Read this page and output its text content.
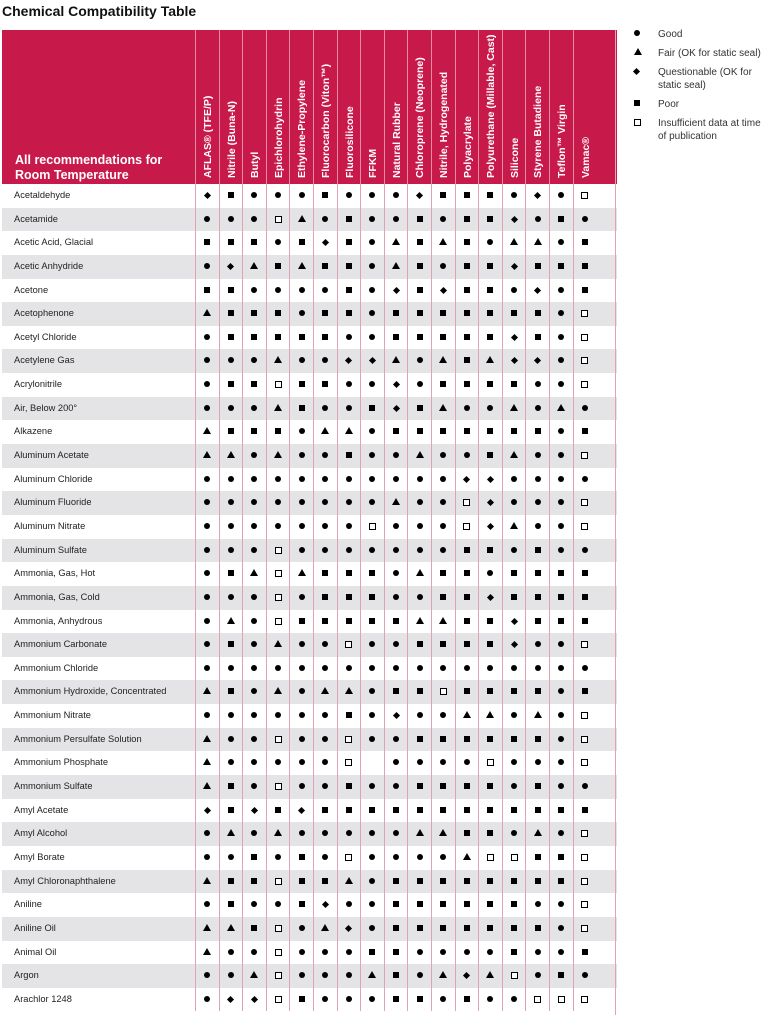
Chemical Compatibility Table
All recommendations for Room Temperature	AFLAS® (TFE/P) Nitrile (Buna-N) Butyl Epichlorohydrin Ethylene-Propylene Fluorocarbon (Viton™) Fluorosilicone FFKM Natural Rubber Chloroprene (Neoprene) Nitrile, Hydrogenated Polyacrylate Polyurethane (Millable, Cast) Silicone Styrene Butadiene Teflon™ Virgin Vamac®
Acetaldehyde
Acetamide
Acetic Acid, Glacial
Acetic Anhydride
Acetone
Acetophenone
Acetyl Chloride
Acetylene Gas
Acrylonitrile
Air, Below 200°
Alkazene
Aluminum Acetate
Aluminum Chloride
Aluminum Fluoride
Aluminum Nitrate
Aluminum Sulfate
Ammonia, Gas, Hot
Ammonia, Gas, Cold
Ammonia, Anhydrous
Ammonium Carbonate
Ammonium Chloride
Ammonium Hydroxide, Concentrated
Ammonium Nitrate
Ammonium Persulfate Solution
Ammonium Phosphate
Ammonium Sulfate
Amyl Acetate
Amyl Alcohol
Amyl Borate
Amyl Chloronaphthalene
Aniline
Aniline Oil
Animal Oil
Argon
Arachlor 1248
Good
Fair (OK for static seal)
Questionable (OK for static seal)
Poor
Insufficient data at time of publication
